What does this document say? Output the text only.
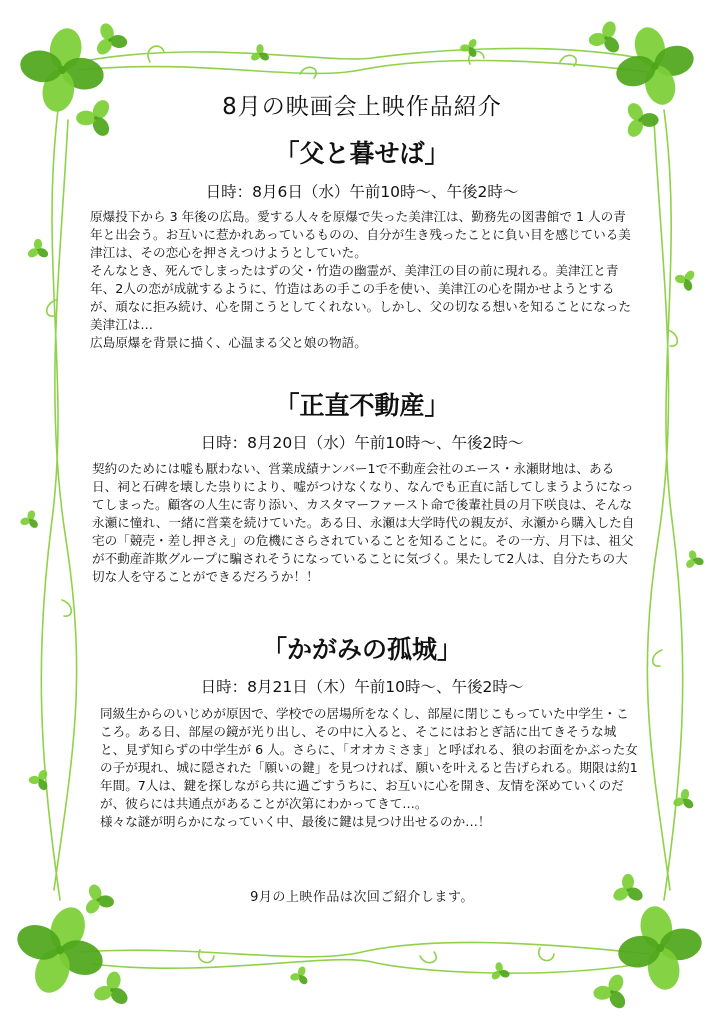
8月の映画会上映作品紹介
「父と暮せば」
日時：8月6日（水）午前10時～、午後2時～

原爆投下から 3 年後の広島。愛する人々を原爆で失った美津江は、勤務先の図書館で 1 人の青年と出会う。お互いに惹かれあっているものの、自分が生き残ったことに負い目を感じている美津江は、その恋心を押さえつけようとしていた。

そんなとき、死んでしまったはずの父・竹造の幽霊が、美津江の目の前に現れる。美津江と青年、2人の恋が成就するように、竹造はあの手この手を使い、美津江の心を開かせようとするが、頑なに拒み続け、心を開こうとしてくれない。しかし、父の切なる想いを知ることになった美津江は…

広島原爆を背景に描く、心温まる父と娘の物語。

「正直不動産」
日時：8月20日（水）午前10時～、午後2時～

契約のためには嘘も厭わない、営業成績ナンバー1で不動産会社のエース・永瀬財地は、ある日、祠と石碑を壊した祟りにより、嘘がつけなくなり、なんでも正直に話してしまうようになってしまった。顧客の人生に寄り添い、カスタマーファースト命で後輩社員の月下咲良は、そんな永瀬に憧れ、一緒に営業を続けていた。ある日、永瀬は大学時代の親友が、永瀬から購入した自宅の「競売・差し押さえ」の危機にさらされていることを知ることに。その一方、月下は、祖父が不動産詐欺グループに騙されそうになっていることに気づく。果たして2人は、自分たちの大切な人を守ることができるだろうか！！

「かがみの孤城」
日時：8月21日（木）午前10時～、午後2時～

同級生からのいじめが原因で、学校での居場所をなくし、部屋に閉じこもっていた中学生・こころ。ある日、部屋の鏡が光り出し、その中に入ると、そこにはおとぎ話に出てきそうな城と、見ず知らずの中学生が 6 人。さらに、「オオカミさま」と呼ばれる、狼のお面をかぶった女の子が現れ、城に隠された「願いの鍵」を見つければ、願いを叶えると告げられる。期限は約1年間。7人は、鍵を探しながら共に過ごすうちに、お互いに心を開き、友情を深めていくのだが、彼らには共通点があることが次第にわかってきて…。

様々な謎が明らかになっていく中、最後に鍵は見つけ出せるのか…！

9月の上映作品は次回ご紹介します。
